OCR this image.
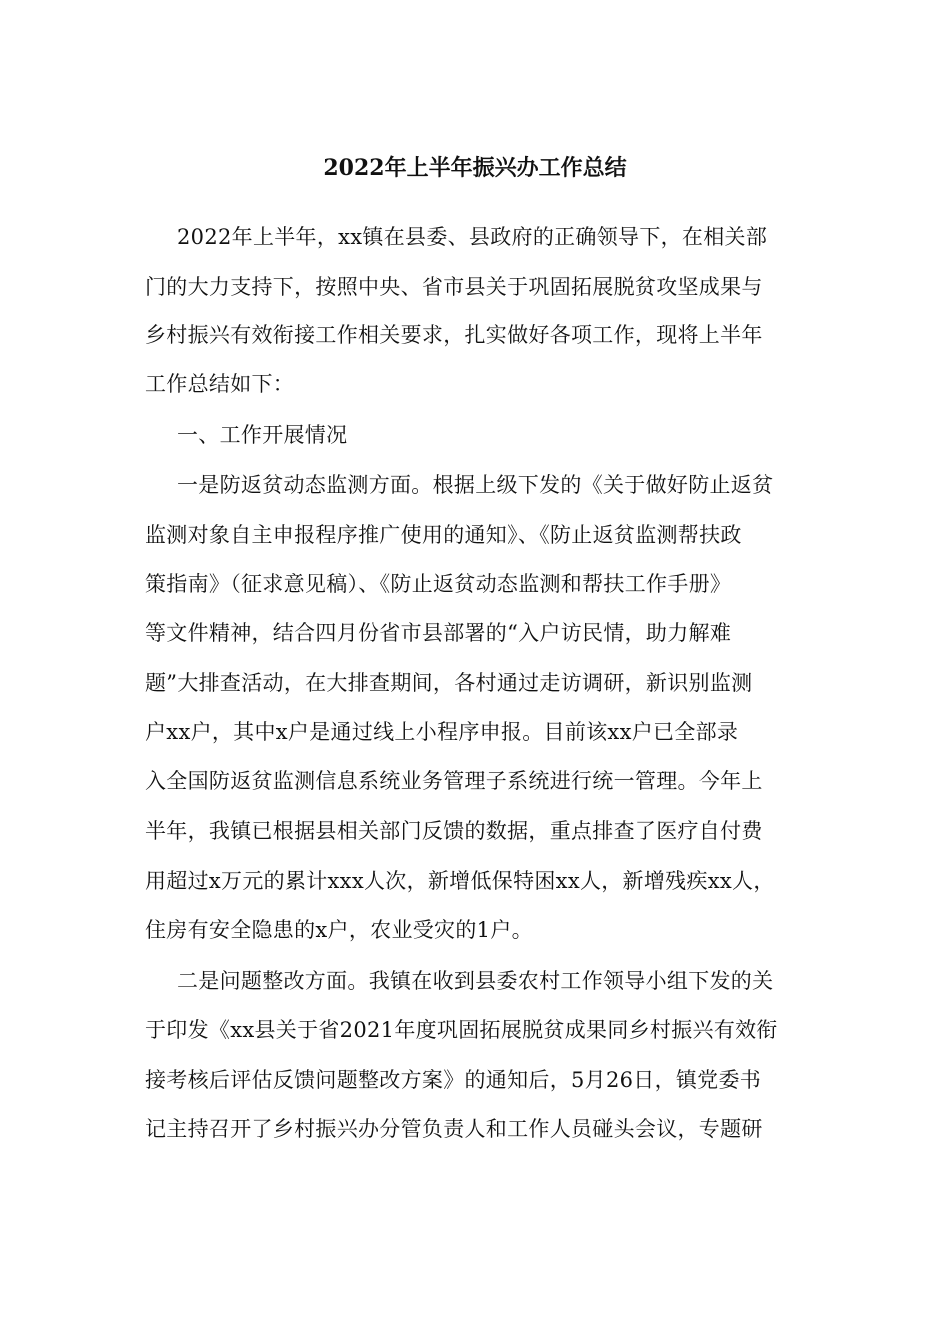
2022年上半年振兴办工作总结
2022年上半年，xx镇在县委、县政府的正确领导下，在相关部
门的大力支持下，按照中央、省市县关于巩固拓展脱贫攻坚成果与
乡村振兴有效衔接工作相关要求，扎实做好各项工作，现将上半年
工作总结如下：
一、工作开展情况
一是防返贫动态监测方面。根据上级下发的《关于做好防止返贫
监测对象自主申报程序推广使用的通知》、《防止返贫监测帮扶政
策指南》（征求意见稿）、《防止返贫动态监测和帮扶工作手册》
等文件精神，结合四月份省市县部署的“入户访民情，助力解难
题”大排查活动，在大排查期间，各村通过走访调研，新识别监测
户xx户，其中x户是通过线上小程序申报。目前该xx户已全部录
入全国防返贫监测信息系统业务管理子系统进行统一管理。今年上
半年，我镇已根据县相关部门反馈的数据，重点排查了医疗自付费
用超过x万元的累计xxx人次，新增低保特困xx人，新增残疾xx人，
住房有安全隐患的x户，农业受灾的1户。
二是问题整改方面。我镇在收到县委农村工作领导小组下发的关
于印发《xx县关于省2021年度巩固拓展脱贫成果同乡村振兴有效衔
接考核后评估反馈问题整改方案》的通知后，5月26日，镇党委书
记主持召开了乡村振兴办分管负责人和工作人员碰头会议，专题研
